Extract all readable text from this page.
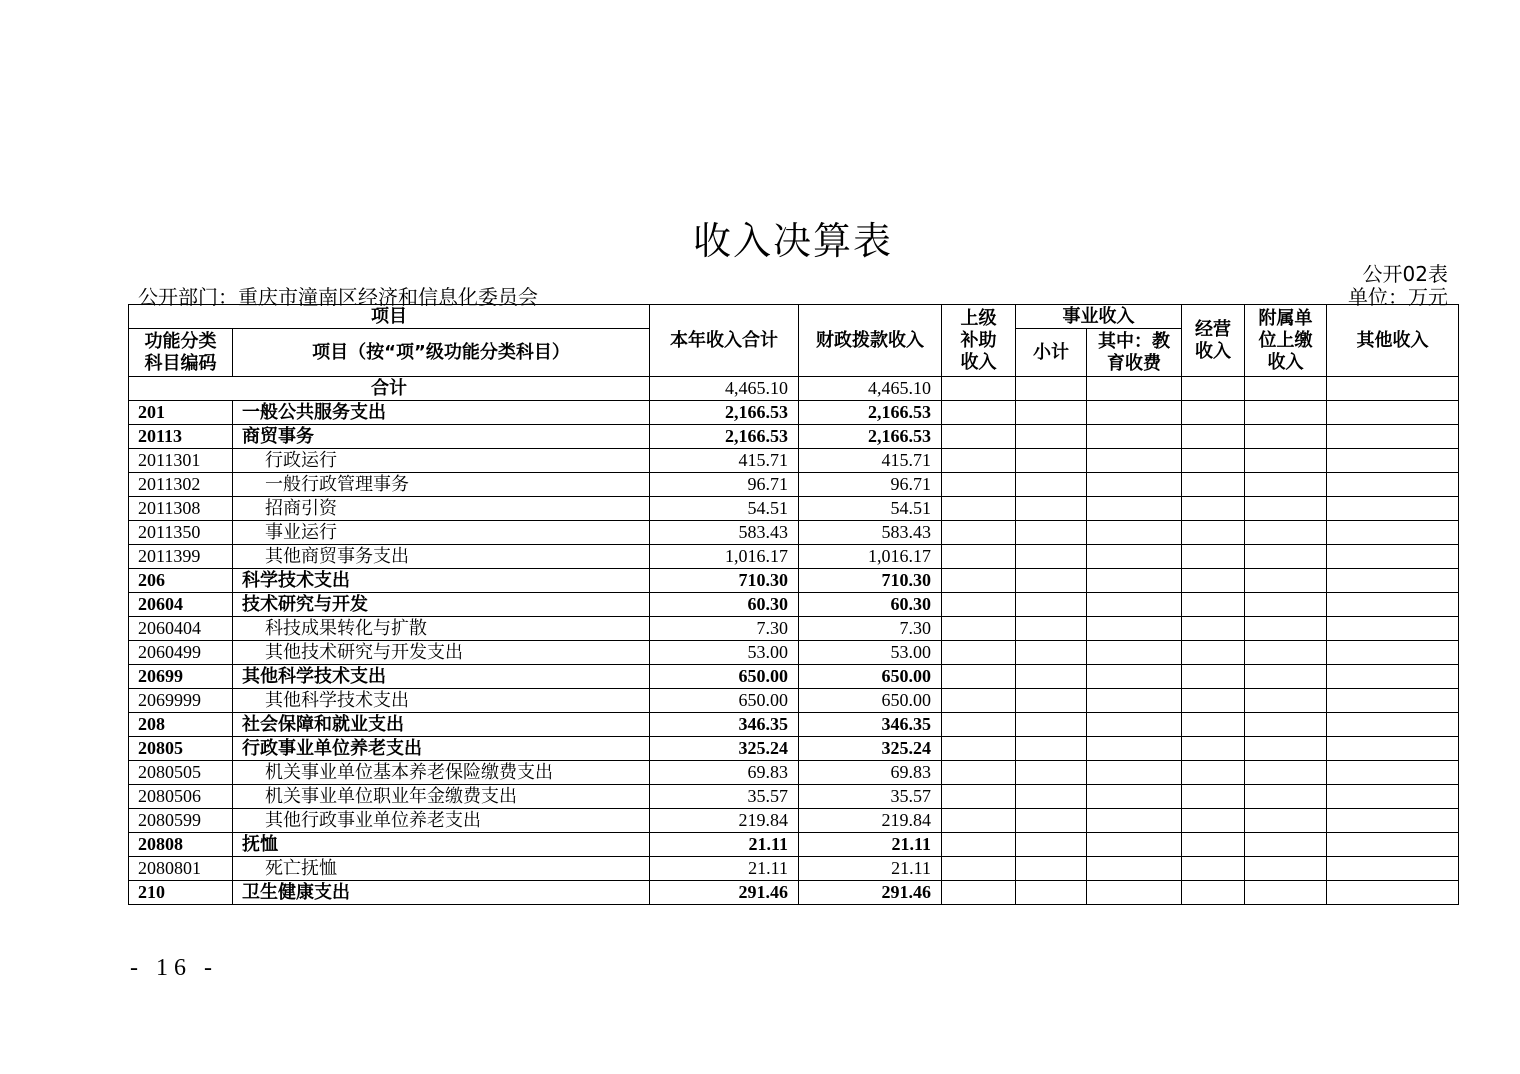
收入决算表
公开02表
单位：万元
公开部门：重庆市潼南区经济和信息化委员会
项目		本年收入合计	财政拨款收入	上级补助收入	事业收入		经营收入	附属单位上缴收入	其他收入
功能分类科目编码	项目（按“项”级功能分类科目）				小计	其中：教育收费			
合计		4,465.10	4,465.10						
201	一般公共服务支出	2,166.53	2,166.53						
20113	商贸事务	2,166.53	2,166.53						
2011301	行政运行	415.71	415.71						
2011302	一般行政管理事务	96.71	96.71						
2011308	招商引资	54.51	54.51						
2011350	事业运行	583.43	583.43						
2011399	其他商贸事务支出	1,016.17	1,016.17						
206	科学技术支出	710.30	710.30						
20604	技术研究与开发	60.30	60.30						
2060404	科技成果转化与扩散	7.30	7.30						
2060499	其他技术研究与开发支出	53.00	53.00						
20699	其他科学技术支出	650.00	650.00						
2069999	其他科学技术支出	650.00	650.00						
208	社会保障和就业支出	346.35	346.35						
20805	行政事业单位养老支出	325.24	325.24						
2080505	机关事业单位基本养老保险缴费支出	69.83	69.83						
2080506	机关事业单位职业年金缴费支出	35.57	35.57						
2080599	其他行政事业单位养老支出	219.84	219.84						
20808	抚恤	21.11	21.11						
2080801	死亡抚恤	21.11	21.11						
210	卫生健康支出	291.46	291.46						
- 16 -
